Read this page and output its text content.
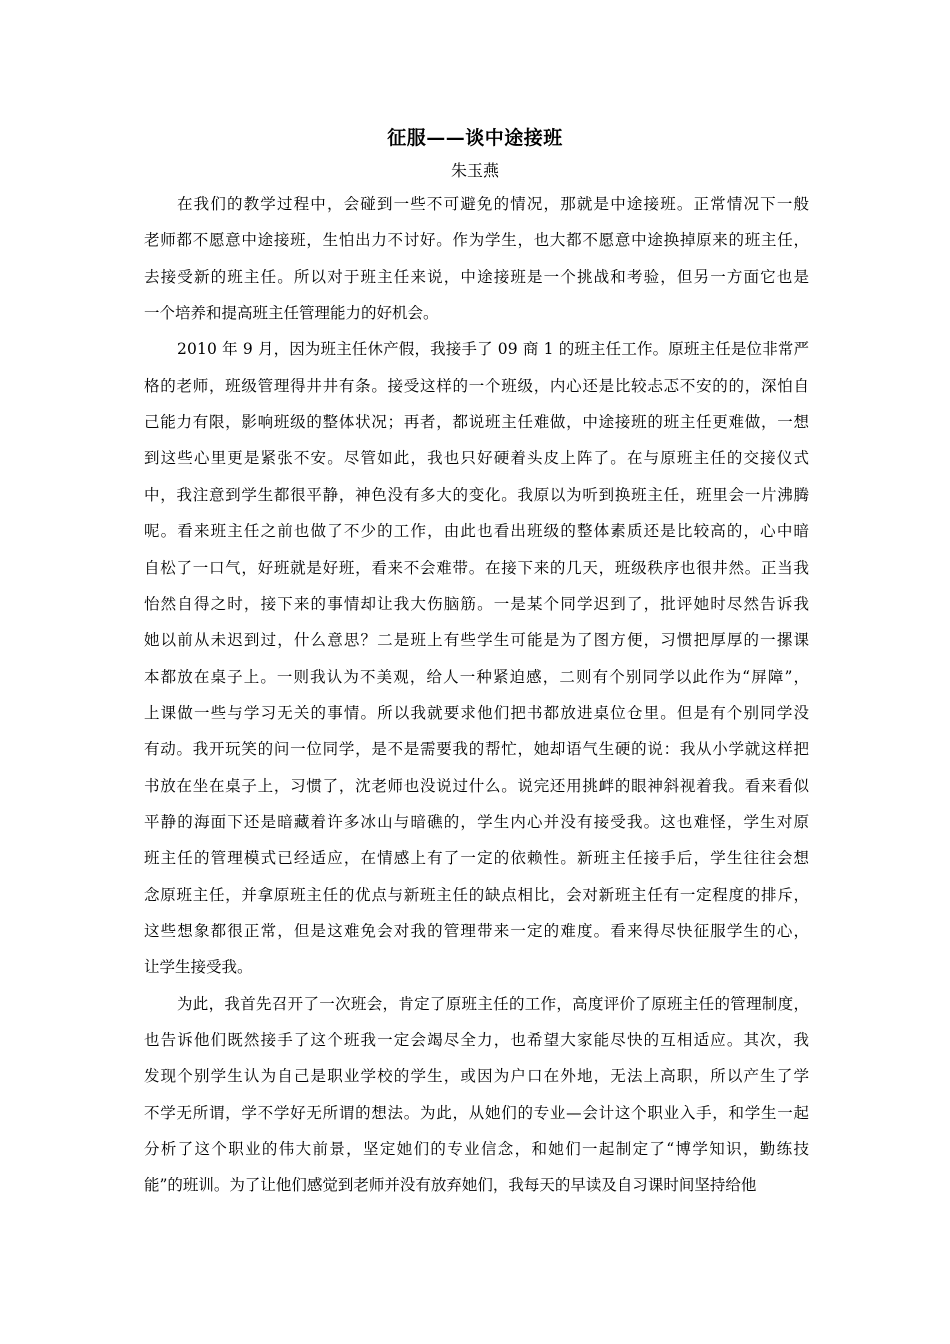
征服——谈中途接班
朱玉燕
在我们的教学过程中，会碰到一些不可避免的情况，那就是中途接班。正常情况下一般
老师都不愿意中途接班，生怕出力不讨好。作为学生，也大都不愿意中途换掉原来的班主任，
去接受新的班主任。所以对于班主任来说，中途接班是一个挑战和考验，但另一方面它也是
一个培养和提高班主任管理能力的好机会。
2010 年 9 月，因为班主任休产假，我接手了 09 商 1 的班主任工作。原班主任是位非常严
格的老师，班级管理得井井有条。接受这样的一个班级，内心还是比较忐忑不安的的，深怕自
己能力有限，影响班级的整体状况；再者，都说班主任难做，中途接班的班主任更难做，一想
到这些心里更是紧张不安。尽管如此，我也只好硬着头皮上阵了。在与原班主任的交接仪式
中，我注意到学生都很平静，神色没有多大的变化。我原以为听到换班主任，班里会一片沸腾
呢。看来班主任之前也做了不少的工作，由此也看出班级的整体素质还是比较高的，心中暗
自松了一口气，好班就是好班，看来不会难带。在接下来的几天，班级秩序也很井然。正当我
怡然自得之时，接下来的事情却让我大伤脑筋。一是某个同学迟到了，批评她时尽然告诉我
她以前从未迟到过，什么意思？二是班上有些学生可能是为了图方便，习惯把厚厚的一摞课
本都放在桌子上。一则我认为不美观，给人一种紧迫感，二则有个别同学以此作为“屏障”，
上课做一些与学习无关的事情。所以我就要求他们把书都放进桌位仓里。但是有个别同学没
有动。我开玩笑的问一位同学，是不是需要我的帮忙，她却语气生硬的说：我从小学就这样把
书放在坐在桌子上，习惯了，沈老师也没说过什么。说完还用挑衅的眼神斜视着我。看来看似
平静的海面下还是暗藏着许多冰山与暗礁的，学生内心并没有接受我。这也难怪，学生对原
班主任的管理模式已经适应，在情感上有了一定的依赖性。新班主任接手后，学生往往会想
念原班主任，并拿原班主任的优点与新班主任的缺点相比，会对新班主任有一定程度的排斥，
这些想象都很正常，但是这难免会对我的管理带来一定的难度。看来得尽快征服学生的心，
让学生接受我。
为此，我首先召开了一次班会，肯定了原班主任的工作，高度评价了原班主任的管理制度，
也告诉他们既然接手了这个班我一定会竭尽全力，也希望大家能尽快的互相适应。其次，我
发现个别学生认为自己是职业学校的学生，或因为户口在外地，无法上高职，所以产生了学
不学无所谓，学不学好无所谓的想法。为此，从她们的专业—会计这个职业入手，和学生一起
分析了这个职业的伟大前景，坚定她们的专业信念，和她们一起制定了“博学知识，勤练技
能”的班训。为了让他们感觉到老师并没有放弃她们，我每天的早读及自习课时间坚持给他
